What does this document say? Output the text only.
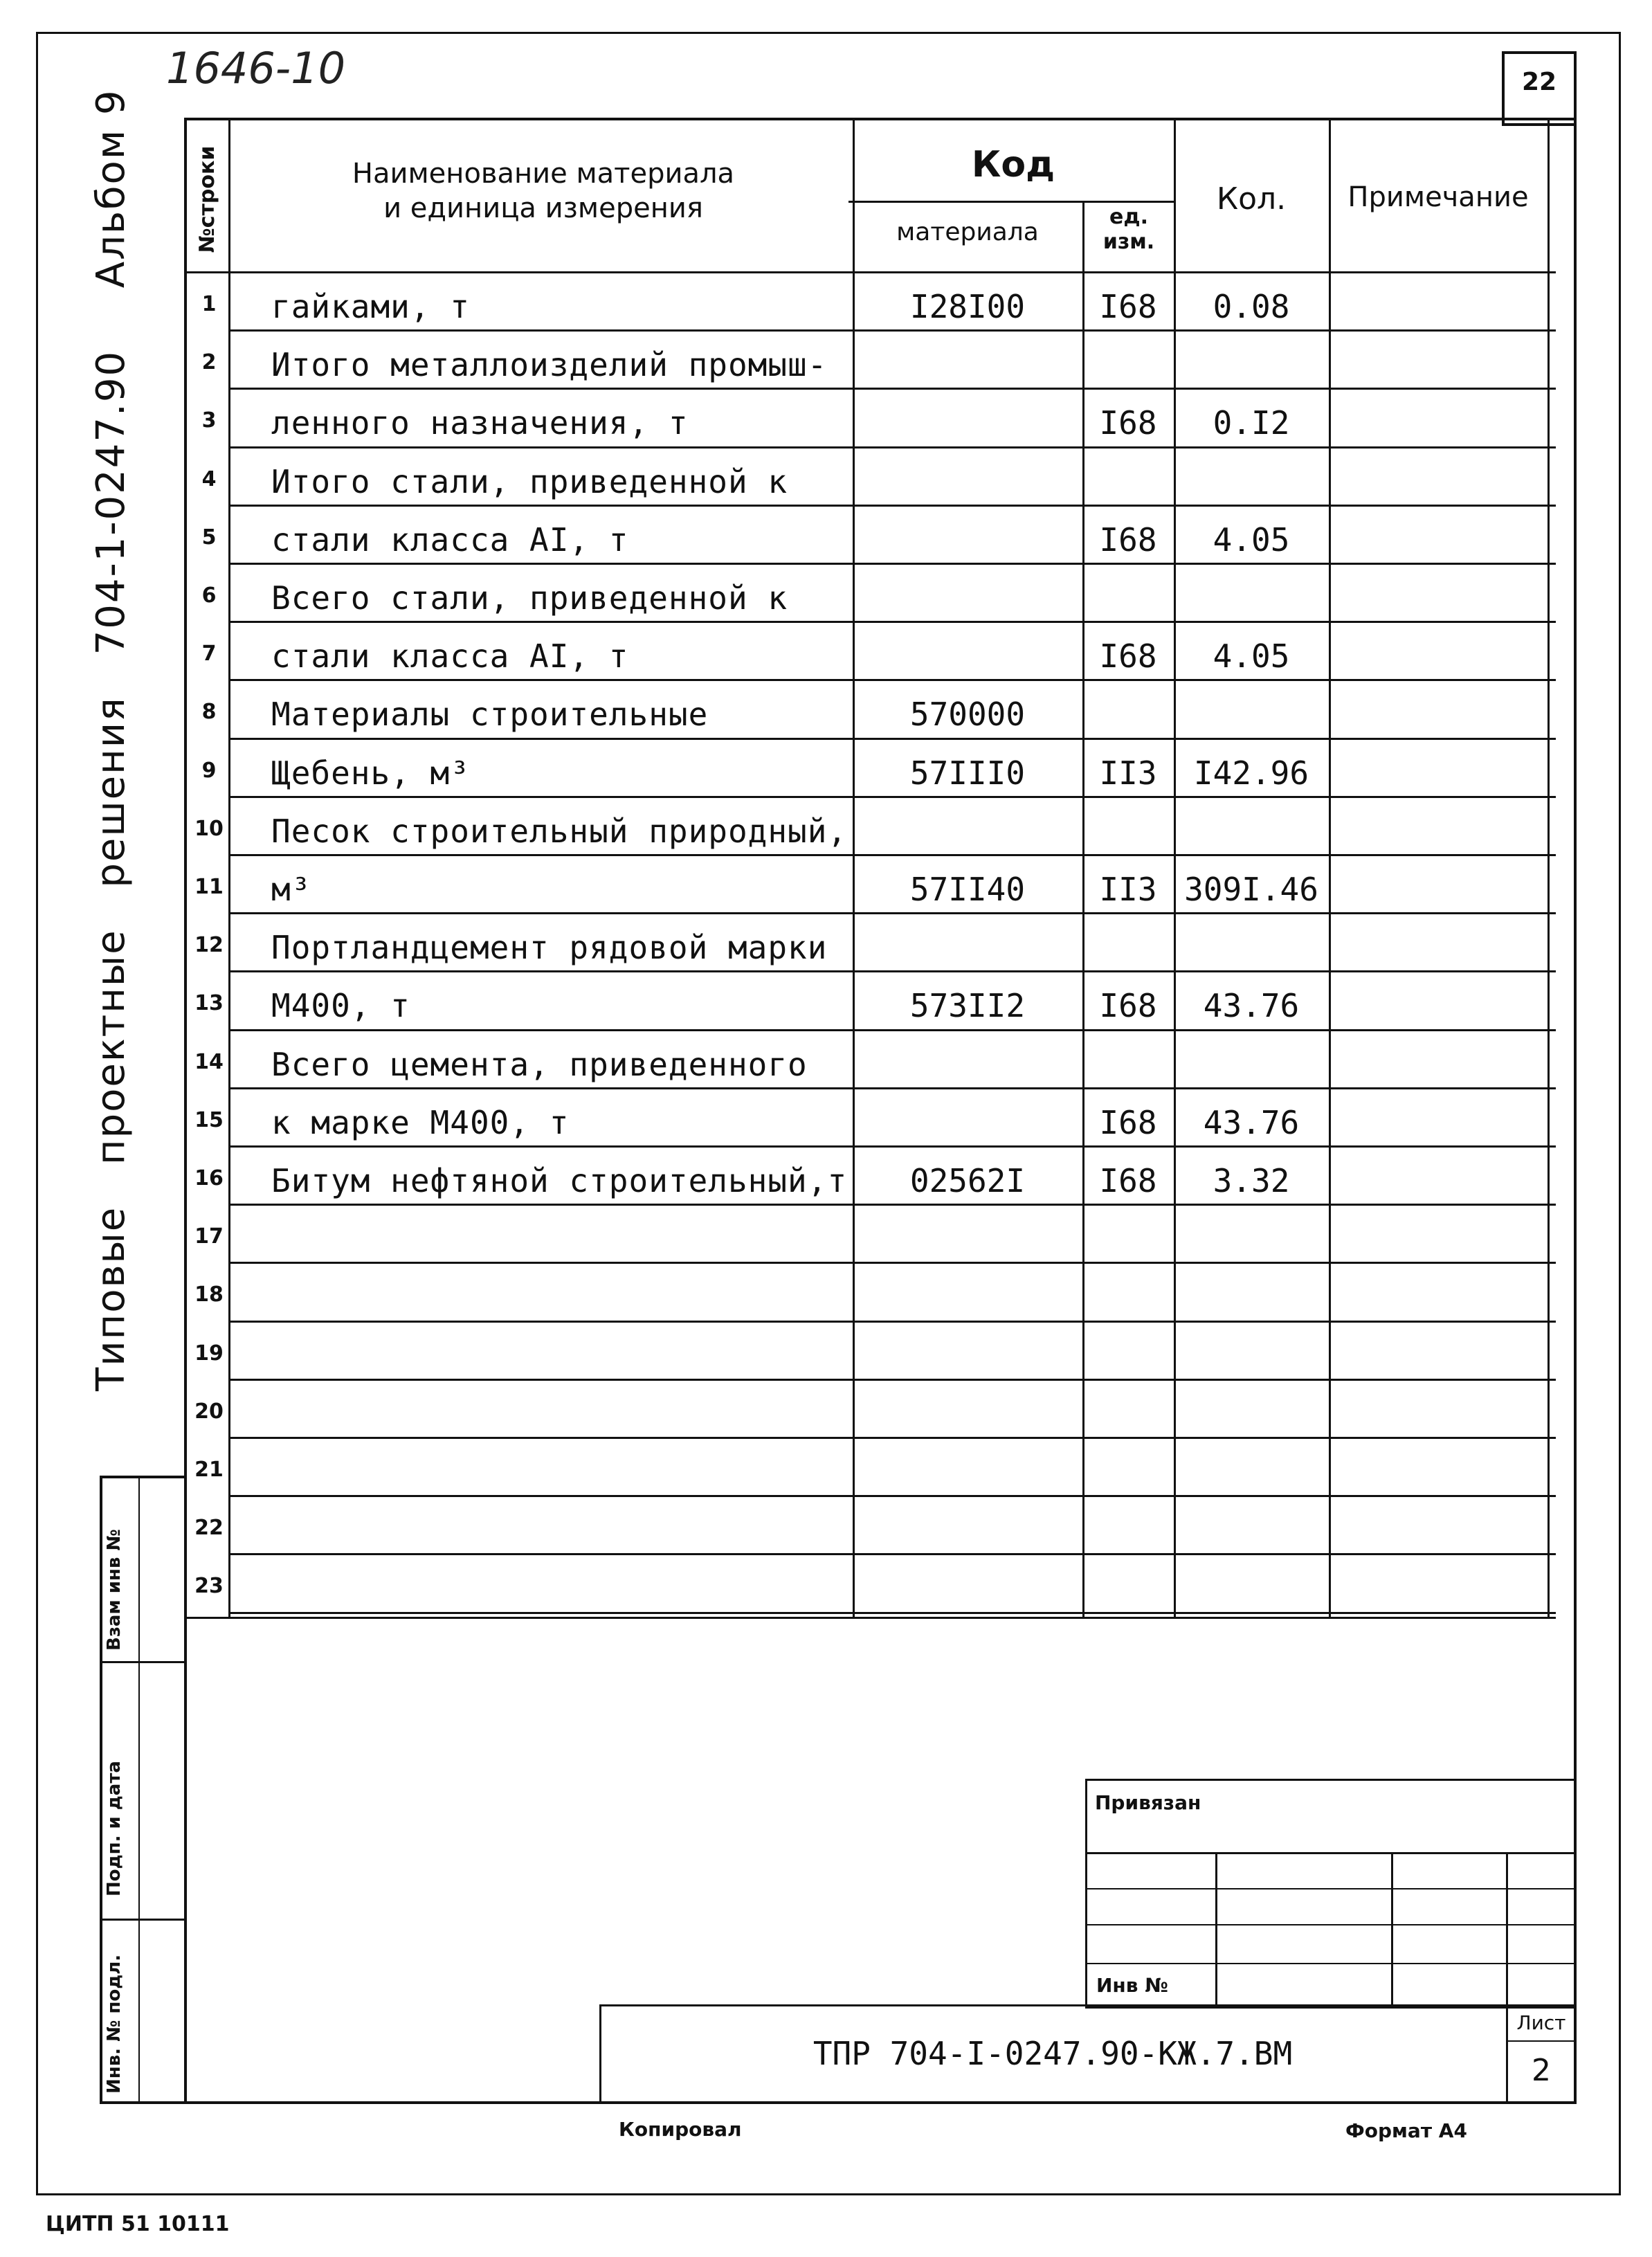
1646-10	22
Типовые проектные решения 704-1-0247.90 Альбом 9
Взам инв №
Подп. и дата
Инв. № подл.
№строки	Наименование материала и единица измерения
Код
материала
ед. изм.
Кол.	Примечание
1	гайками, т	I28I00	I68	0.08
2	Итого металлоизделий промыш-
3	ленного назначения, т	I68	0.I2
4	Итого стали, приведенной к
5	стали класса AI, т	I68	4.05
6	Всего стали, приведенной к
7	стали класса AI, т	I68	4.05
8	Материалы строительные	570000
9	Щебень, м³	57III0	II3	I42.96
10 Песок строительный природный,
11 м³	57II40	II3 309I.46
12 Портландцемент рядовой марки
13 М400, т	573II2	I68	43.76
14 Всего цемента, приведенного
15 к марке М400, т	I68	43.76
16 Битум нефтяной строительный,т	02562I	I68	3.32
17
18
19
20
21
22
23
Привязан
Инв №
ТПР 704-I-0247.90-КЖ.7.ВМ
Лист
2
Копировал	Формат А4
ЦИТП 51 10111
